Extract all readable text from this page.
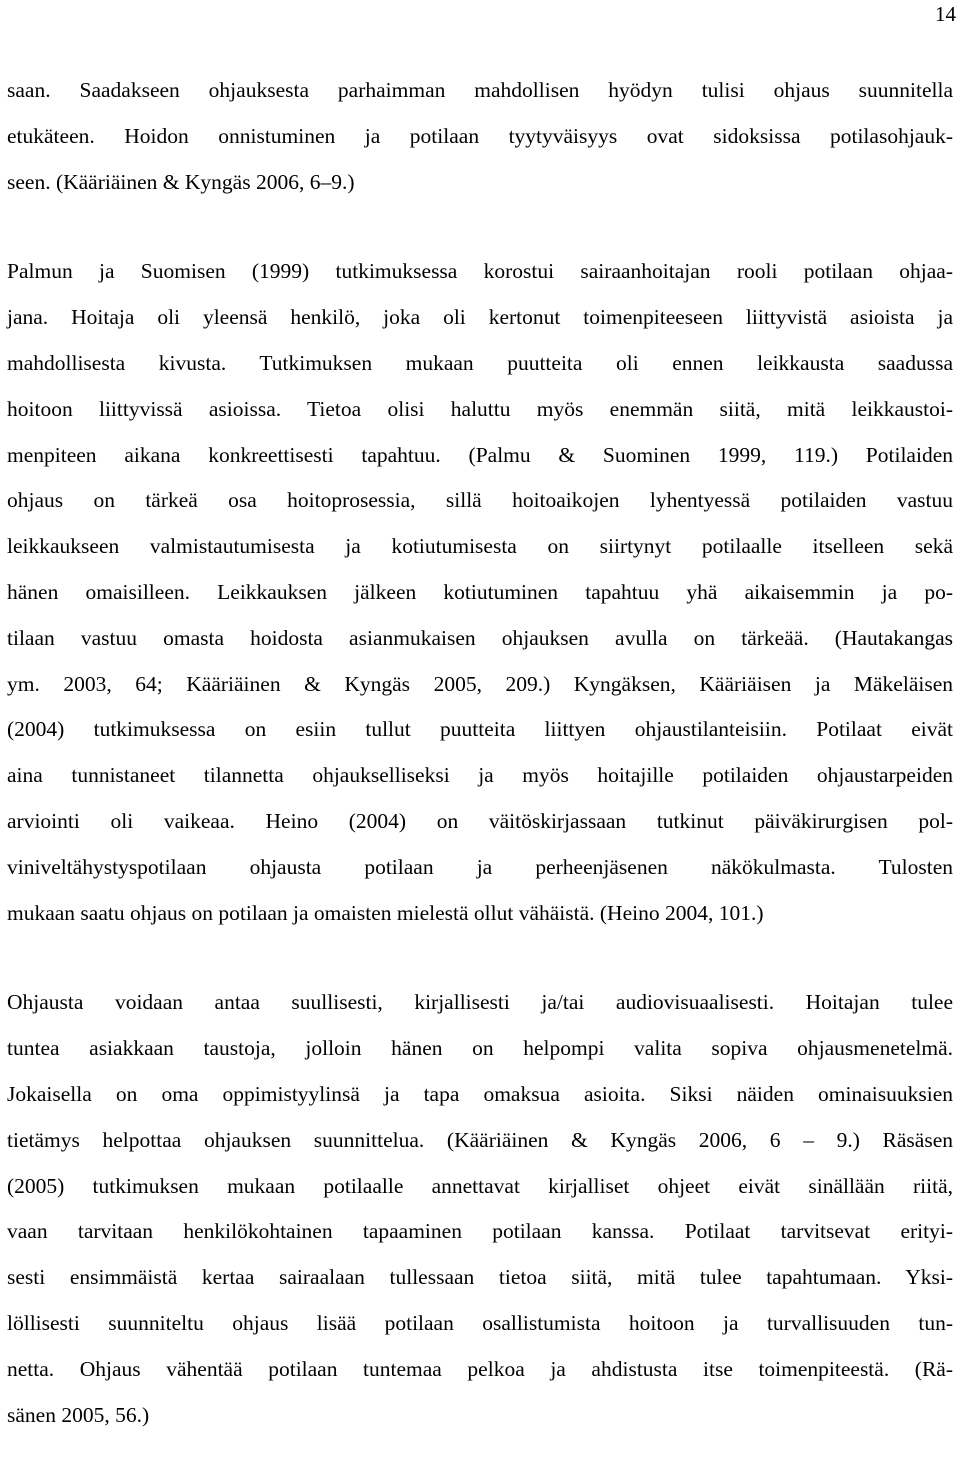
14

saan. Saadakseen ohjauksesta parhaimman mahdollisen hyödyn tulisi ohjaus suunnitella
etukäteen. Hoidon onnistuminen ja potilaan tyytyväisyys ovat sidoksissa potilasohjauk-
seen. (Kääriäinen & Kyngäs 2006, 6–9.)

Palmun ja Suomisen (1999) tutkimuksessa korostui sairaanhoitajan rooli potilaan ohjaa-
jana. Hoitaja oli yleensä henkilö, joka oli kertonut toimenpiteeseen liittyvistä asioista ja
mahdollisesta kivusta. Tutkimuksen mukaan puutteita oli ennen leikkausta saadussa
hoitoon liittyvissä asioissa. Tietoa olisi haluttu myös enemmän siitä, mitä leikkaustoi-
menpiteen aikana konkreettisesti tapahtuu. (Palmu & Suominen 1999, 119.) Potilaiden
ohjaus on tärkeä osa hoitoprosessia, sillä hoitoaikojen lyhentyessä potilaiden vastuu
leikkaukseen valmistautumisesta ja kotiutumisesta on siirtynyt potilaalle itselleen sekä
hänen omaisilleen. Leikkauksen jälkeen kotiutuminen tapahtuu yhä aikaisemmin ja po-
tilaan vastuu omasta hoidosta asianmukaisen ohjauksen avulla on tärkeää. (Hautakangas
ym. 2003, 64; Kääriäinen & Kyngäs 2005, 209.) Kyngäksen, Kääriäisen ja Mäkeläisen
(2004) tutkimuksessa on esiin tullut puutteita liittyen ohjaustilanteisiin. Potilaat eivät
aina tunnistaneet tilannetta ohjaukselliseksi ja myös hoitajille potilaiden ohjaustarpeiden
arviointi oli vaikeaa. Heino (2004) on väitöskirjassaan tutkinut päiväkirurgisen pol-
viniveltähystyspotilaan ohjausta potilaan ja perheenjäsenen näkökulmasta. Tulosten
mukaan saatu ohjaus on potilaan ja omaisten mielestä ollut vähäistä. (Heino 2004, 101.)

Ohjausta voidaan antaa suullisesti, kirjallisesti ja/tai audiovisuaalisesti. Hoitajan tulee
tuntea asiakkaan taustoja, jolloin hänen on helpompi valita sopiva ohjausmenetelmä.
Jokaisella on oma oppimistyylinsä ja tapa omaksua asioita. Siksi näiden ominaisuuksien
tietämys helpottaa ohjauksen suunnittelua. (Kääriäinen & Kyngäs 2006, 6 – 9.) Räsäsen
(2005) tutkimuksen mukaan potilaalle annettavat kirjalliset ohjeet eivät sinällään riitä,
vaan tarvitaan henkilökohtainen tapaaminen potilaan kanssa. Potilaat tarvitsevat erityi-
sesti ensimmäistä kertaa sairaalaan tullessaan tietoa siitä, mitä tulee tapahtumaan. Yksi-
löllisesti suunniteltu ohjaus lisää potilaan osallistumista hoitoon ja turvallisuuden tun-
netta. Ohjaus vähentää potilaan tuntemaa pelkoa ja ahdistusta itse toimenpiteestä. (Rä-
sänen 2005, 56.)
